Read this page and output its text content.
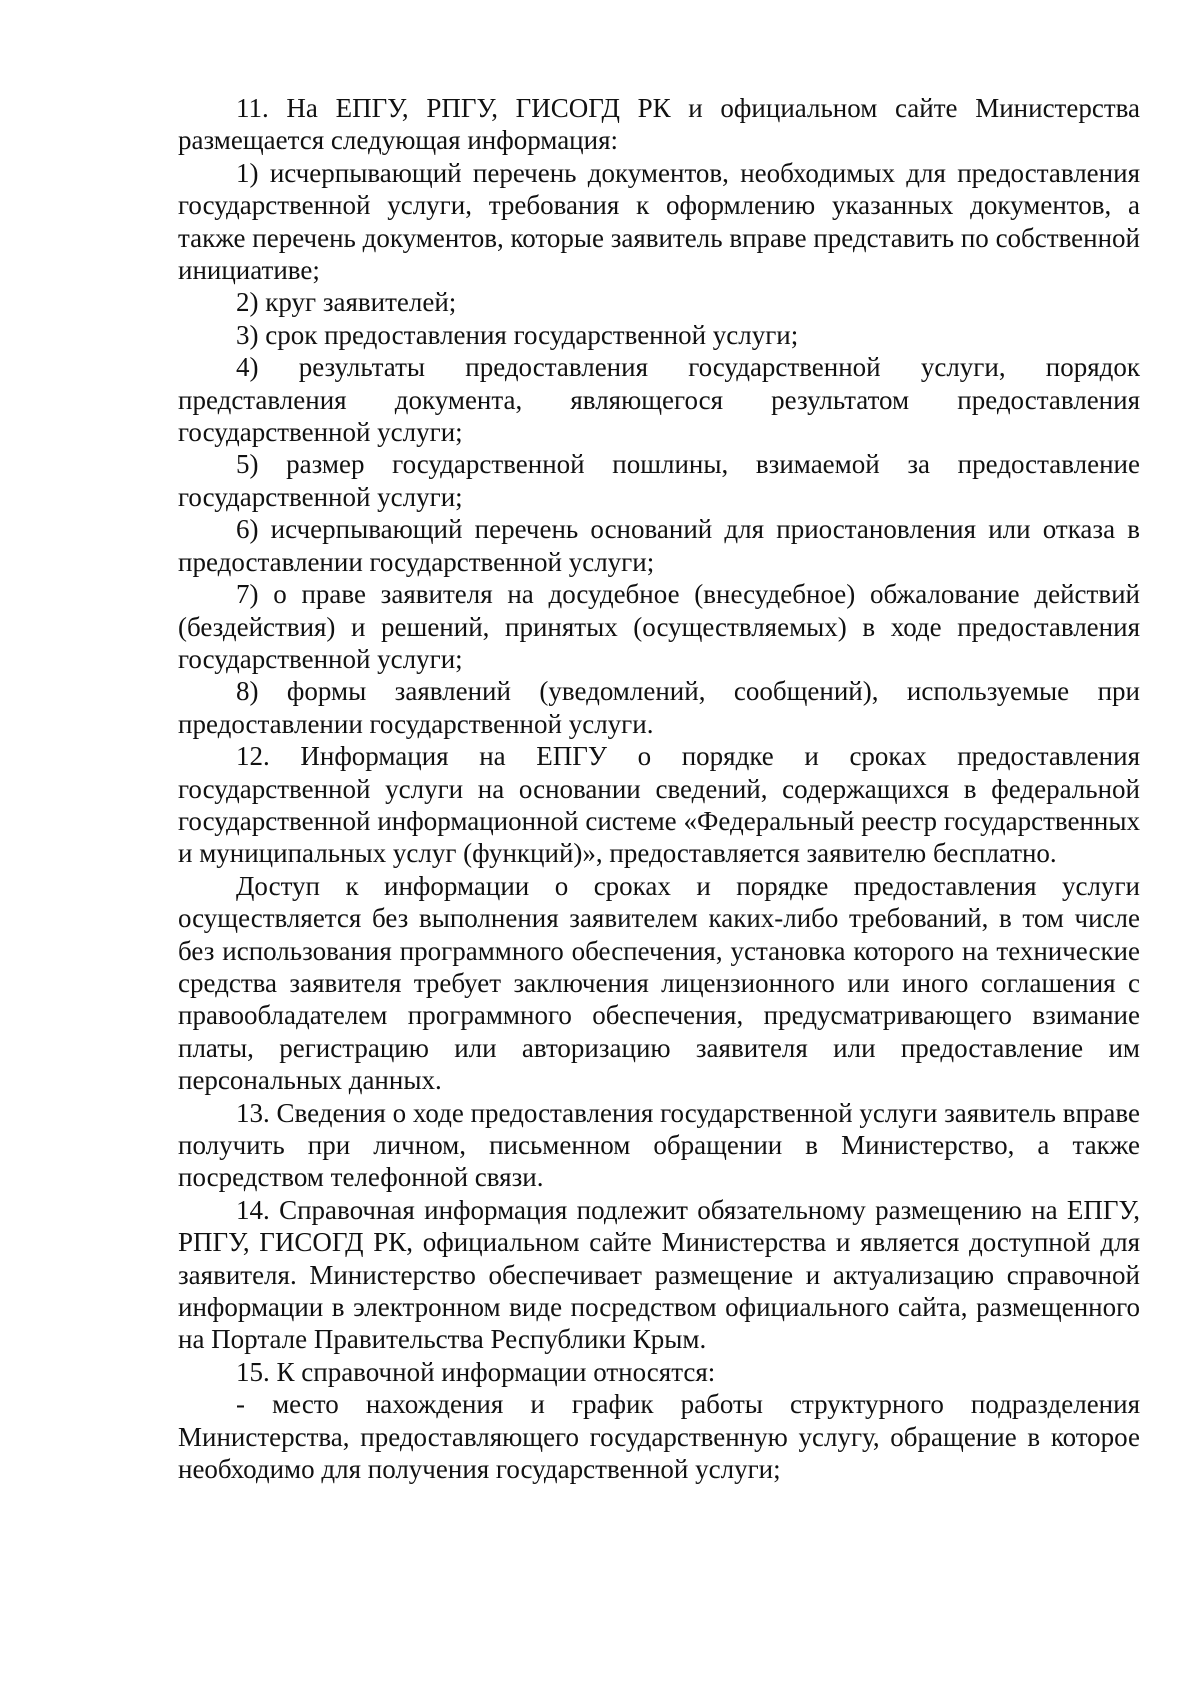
11. На ЕПГУ, РПГУ, ГИСОГД РК и официальном сайте Министерства размещается следующая информация:

1) исчерпывающий перечень документов, необходимых для предоставления государственной услуги, требования к оформлению указанных документов, а также перечень документов, которые заявитель вправе представить по собственной инициативе;

2) круг заявителей;

3) срок предоставления государственной услуги;

4) результаты предоставления государственной услуги, порядок представления документа, являющегося результатом предоставления государственной услуги;

5) размер государственной пошлины, взимаемой за предоставление государственной услуги;

6) исчерпывающий перечень оснований для приостановления или отказа в предоставлении государственной услуги;

7) о праве заявителя на досудебное (внесудебное) обжалование действий (бездействия) и решений, принятых (осуществляемых) в ходе предоставления государственной услуги;

8) формы заявлений (уведомлений, сообщений), используемые при предоставлении государственной услуги.

12. Информация на ЕПГУ о порядке и сроках предоставления государственной услуги на основании сведений, содержащихся в федеральной государственной информационной системе «Федеральный реестр государственных и муниципальных услуг (функций)», предоставляется заявителю бесплатно.

Доступ к информации о сроках и порядке предоставления услуги осуществляется без выполнения заявителем каких-либо требований, в том числе без использования программного обеспечения, установка которого на технические средства заявителя требует заключения лицензионного или иного соглашения с правообладателем программного обеспечения, предусматривающего взимание платы, регистрацию или авторизацию заявителя или предоставление им персональных данных.

13. Сведения о ходе предоставления государственной услуги заявитель вправе получить при личном, письменном обращении в Министерство, а также посредством телефонной связи.

14. Справочная информация подлежит обязательному размещению на ЕПГУ, РПГУ, ГИСОГД РК, официальном сайте Министерства и является доступной для заявителя. Министерство обеспечивает размещение и актуализацию справочной информации в электронном виде посредством официального сайта, размещенного на Портале Правительства Республики Крым.

15. К справочной информации относятся:

- место нахождения и график работы структурного подразделения Министерства, предоставляющего государственную услугу, обращение в которое необходимо для получения государственной услуги;
